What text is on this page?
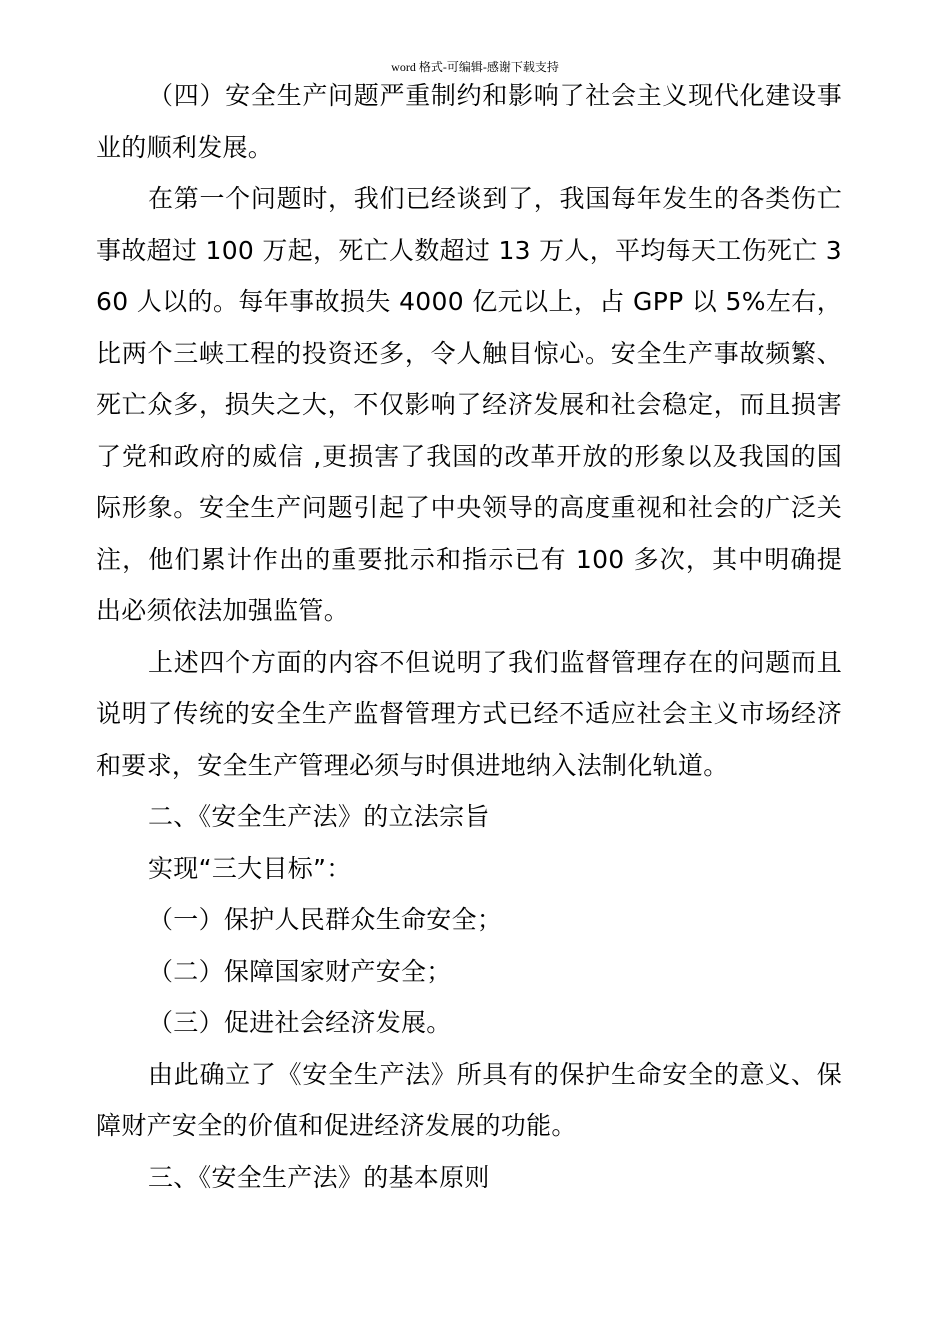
word 格式-可编辑-感谢下载支持

（四）安全生产问题严重制约和影响了社会主义现代化建设事业的顺利发展。

在第一个问题时，我们已经谈到了，我国每年发生的各类伤亡事故超过 100 万起，死亡人数超过 13 万人，平均每天工伤死亡 360 人以的。每年事故损失 4000 亿元以上，占 GPP 以 5%左右，比两个三峡工程的投资还多，令人触目惊心。安全生产事故频繁、死亡众多，损失之大，不仅影响了经济发展和社会稳定，而且损害了党和政府的威信 ,更损害了我国的改革开放的形象以及我国的国际形象。安全生产问题引起了中央领导的高度重视和社会的广泛关注，他们累计作出的重要批示和指示已有 100 多次，其中明确提出必须依法加强监管。

上述四个方面的内容不但说明了我们监督管理存在的问题而且说明了传统的安全生产监督管理方式已经不适应社会主义市场经济和要求，安全生产管理必须与时俱进地纳入法制化轨道。

二、《安全生产法》的立法宗旨

实现“三大目标”：

（一）保护人民群众生命安全；

（二）保障国家财产安全；

（三）促进社会经济发展。

由此确立了《安全生产法》所具有的保护生命安全的意义、保障财产安全的价值和促进经济发展的功能。

三、《安全生产法》的基本原则
